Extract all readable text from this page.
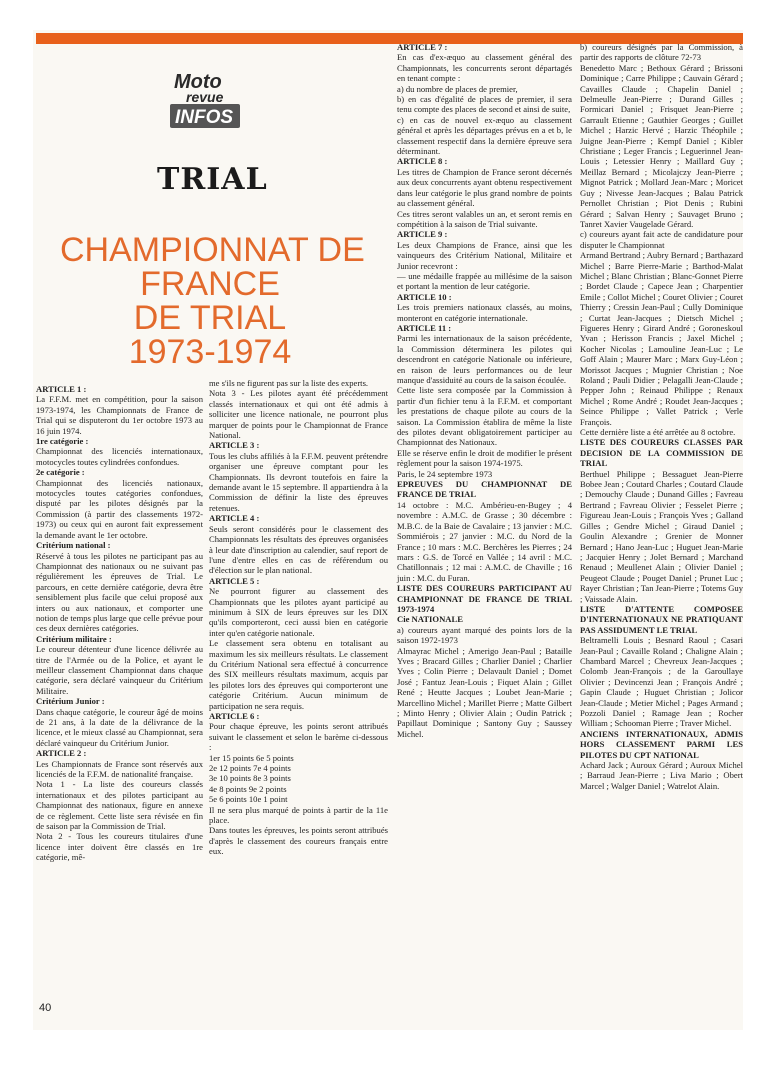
Moto
revue
INFOS
TRIAL
CHAMPIONNAT DE
FRANCE
DE TRIAL
1973-1974

ARTICLE 1 :

La F.F.M. met en compétition, pour la saison 1973-1974, les Championnats de France de Trial qui se disputeront du 1er octobre 1973 au 16 juin 1974.

1re catégorie :

Championnat des licenciés internationaux, motocycles toutes cylindrées confondues.

2e catégorie :

Championnat des licenciés nationaux, motocycles toutes catégories confondues, disputé par les pilotes désignés par la Commission (à partir des classements 1972-1973) ou ceux qui en auront fait expressement la demande avant le 1er octobre.

Critérium national :

Réservé à tous les pilotes ne participant pas au Championnat des nationaux ou ne suivant pas régulièrement les épreuves de Trial. Le parcours, en cette dernière catégorie, devra être sensiblement plus facile que celui proposé aux inters ou aux nationaux, et comporter une notion de temps plus large que celle prévue pour ces deux dernières catégories.

Critérium militaire :

Le coureur détenteur d'une licence délivrée au titre de l'Armée ou de la Police, et ayant le meilleur classement Championnat dans chaque catégorie, sera déclaré vainqueur du Critérium Militaire.

Critérium Junior :

Dans chaque catégorie, le coureur âgé de moins de 21 ans, à la date de la délivrance de la licence, et le mieux classé au Championnat, sera déclaré vainqueur du Critérium Junior.

ARTICLE 2 :

Les Championnats de France sont réservés aux licenciés de la F.F.M. de nationalité française.

Nota 1 - La liste des coureurs classés internationaux et des pilotes participant au Championnat des nationaux, figure en annexe de ce règlement. Cette liste sera révisée en fin de saison par la Commission de Trial.

Nota 2 - Tous les coureurs titulaires d'une licence inter doivent être classés en 1re catégorie, mê-

me s'ils ne figurent pas sur la liste des experts.

Nota 3 - Les pilotes ayant été précédemment classés internationaux et qui ont été admis à solliciter une licence nationale, ne pourront plus marquer de points pour le Championnat de France National.

ARTICLE 3 :

Tous les clubs affiliés à la F.F.M. peuvent prétendre organiser une épreuve comptant pour les Championnats. Ils devront toutefois en faire la demande avant le 15 septembre. Il appartiendra à la Commission de définir la liste des épreuves retenues.

ARTICLE 4 :

Seuls seront considérés pour le classement des Championnats les résultats des épreuves organisées à leur date d'inscription au calendier, sauf report de l'une d'entre elles en cas de référendum ou d'élection sur le plan national.

ARTICLE 5 :

Ne pourront figurer au classement des Championnats que les pilotes ayant participé au minimum à SIX de leurs épreuves sur les DIX qu'ils comporteront, ceci aussi bien en catégorie inter qu'en catégorie nationale.

Le classement sera obtenu en totalisant au maximum les six meilleurs résultats. Le classement du Critérium National sera effectué à concurrence des SIX meilleurs résultats maximum, acquis par les pilotes lors des épreuves qui comporteront une catégorie Critérium. Aucun minimum de participation ne sera requis.

ARTICLE 6 :

Pour chaque épreuve, les points seront attribués suivant le classement et selon le barème ci-dessous :

1er 15 points 6e 5 points

2e 12 points 7e 4 points

3e 10 points 8e 3 points

4e 8 points 9e 2 points

5e 6 points 10e 1 point

Il ne sera plus marqué de points à partir de la 11e place.

Dans toutes les épreuves, les points seront attribués d'après le classement des coureurs français entre eux.

ARTICLE 7 :

En cas d'ex-æquo au classement général des Championnats, les concurrents seront départagés en tenant compte :

a) du nombre de places de premier,

b) en cas d'égalité de places de premier, il sera tenu compte des places de second et ainsi de suite,

c) en cas de nouvel ex-æquo au classement général et après les départages prévus en a et b, le classement respectif dans la dernière épreuve sera déterminant.

ARTICLE 8 :

Les titres de Champion de France seront décernés aux deux concurrents ayant obtenu respectivement dans leur catégorie le plus grand nombre de points au classement général.

Ces titres seront valables un an, et seront remis en compétition à la saison de Trial suivante.

ARTICLE 9 :

Les deux Champions de France, ainsi que les vainqueurs des Critérium National, Militaire et Junior recevront :

— une médaille frappée au millésime de la saison et portant la mention de leur catégorie.

ARTICLE 10 :

Les trois premiers nationaux classés, au moins, monteront en catégorie internationale.

ARTICLE 11 :

Parmi les internationaux de la saison précédente, la Commission déterminera les pilotes qui descendront en catégorie Nationale ou inférieure, en raison de leurs performances ou de leur manque d'assiduité au cours de la saison écoulée.

Cette liste sera composée par la Commission à partir d'un fichier tenu à la F.F.M. et comportant les prestations de chaque pilote au cours de la saison. La Commission établira de même la liste des pilotes devant obligatoirement participer au Championnat des Nationaux.

Elle se réserve enfin le droit de modifier le présent règlement pour la saison 1974-1975.

Paris, le 24 septembre 1973

EPREUVES DU CHAMPIONNAT DE FRANCE DE TRIAL

14 octobre : M.C. Ambérieu-en-Bugey ; 4 novembre : A.M.C. de Grasse ; 30 décembre : M.B.C. de la Baie de Cavalaire ; 13 janvier : M.C. Sommiérois ; 27 janvier : M.C. du Nord de la France ; 10 mars : M.C. Berchères les Pierres ; 24 mars : G.S. de Torcé en Vallée ; 14 avril : M.C. Chatillonnais ; 12 mai : A.M.C. de Chaville ; 16 juin : M.C. du Furan.

LISTE DES COUREURS PARTICIPANT AU CHAMPIONNAT DE FRANCE DE TRIAL 1973-1974

Cie NATIONALE

a) coureurs ayant marqué des points lors de la saison 1972-1973

Almayrac Michel ; Amerigo Jean-Paul ; Bataille Yves ; Bracard Gilles ; Charlier Daniel ; Charlier Yves ; Colin Pierre ; Delavault Daniel ; Domet José ; Fantuz Jean-Louis ; Fiquet Alain ; Gillet René ; Heutte Jacques ; Loubet Jean-Marie ; Marcellino Michel ; Marillet Pierre ; Matte Gilbert ; Minto Henry ; Olivier Alain ; Oudin Patrick ; Papillaut Dominique ; Santony Guy ; Saussey Michel.

b) coureurs désignés par la Commission, à partir des rapports de clôture 72-73

Benedetto Marc ; Bethoux Gérard ; Brissoni Dominique ; Carre Philippe ; Cauvain Gérard ; Cavailles Claude ; Chapelin Daniel ; Delmeulle Jean-Pierre ; Durand Gilles ; Formicari Daniel ; Frisquet Jean-Pierre ; Garrault Etienne ; Gauthier Georges ; Guillet Michel ; Harzic Hervé ; Harzic Théophile ; Juigne Jean-Pierre ; Kempf Daniel ; Kibler Christiane ; Leger Francis ; Leguerinnel Jean-Louis ; Letessier Henry ; Maillard Guy ; Meillaz Bernard ; Micolajczy Jean-Pierre ; Mignot Patrick ; Mollard Jean-Marc ; Moricet Guy ; Nivesse Jean-Jacques ; Balau Patrick Pernollet Christian ; Piot Denis ; Rubini Gérard ; Salvan Henry ; Sauvaget Bruno ; Tanret Xavier Vaugelade Gérard.

c) coureurs ayant fait acte de candidature pour disputer le Championnat

Armand Bertrand ; Aubry Bernard ; Barthazard Michel ; Barre Pierre-Marie ; Barthod-Malat Michel ; Blanc Christian ; Blanc-Gonnet Pierre ; Bordet Claude ; Capece Jean ; Charpentier Emile ; Collot Michel ; Couret Olivier ; Couret Thierry ; Cressin Jean-Paul ; Cully Dominique ; Curtat Jean-Jacques ; Dietsch Michel ; Figueres Henry ; Girard André ; Goroneskoul Yvan ; Herisson Francis ; Jaxel Michel ; Kocher Nicolas ; Lamouline Jean-Luc ; Le Goff Alain ; Maurer Marc ; Marx Guy-Léon ; Morissot Jacques ; Mugnier Christian ; Noe Roland ; Pauli Didier ; Pelagalli Jean-Claude ; Pepper John ; Reinaud Philippe ; Renaux Michel ; Rome André ; Roudet Jean-Jacques ; Seince Philippe ; Vallet Patrick ; Verle François.

Cette dernière liste a été arrêtée au 8 octobre.

LISTE DES COUREURS CLASSES PAR DECISION DE LA COMMISSION DE TRIAL

Berthuel Philippe ; Bessaguet Jean-Pierre Bobee Jean ; Coutard Charles ; Coutard Claude ; Demouchy Claude ; Dunand Gilles ; Favreau Bertrand ; Favreau Olivier ; Fesselet Pierre ; Figureau Jean-Louis ; François Yves ; Galland Gilles ; Gendre Michel ; Giraud Daniel ; Goulin Alexandre ; Grenier de Monner Bernard ; Hano Jean-Luc ; Huguet Jean-Marie ; Jacquier Henry ; Jolet Bernard ; Marchand Renaud ; Meullenet Alain ; Olivier Daniel ; Peugeot Claude ; Pouget Daniel ; Prunet Luc ; Rayer Christian ; Tan Jean-Pierre ; Totems Guy ; Vaissade Alain.

LISTE D'ATTENTE COMPOSEE D'INTERNATIONAUX NE PRATIQUANT PAS ASSIDUMENT LE TRIAL

Beltramelli Louis ; Besnard Raoul ; Casari Jean-Paul ; Cavaille Roland ; Chaligne Alain ; Chambard Marcel ; Chevreux Jean-Jacques ; Colomb Jean-François ; de la Garoullaye Olivier ; Devincenzi Jean ; François André ; Gapin Claude ; Huguet Christian ; Jolicor Jean-Claude ; Metier Michel ; Pages Armand ; Pozzoli Daniel ; Ramage Jean ; Rocher William ; Schooman Pierre ; Traver Michel.

ANCIENS INTERNATIONAUX, ADMIS HORS CLASSEMENT PARMI LES PILOTES DU CPT NATIONAL

Achard Jack ; Auroux Gérard ; Auroux Michel ; Barraud Jean-Pierre ; Liva Mario ; Obert Marcel ; Walger Daniel ; Watrelot Alain.

40
